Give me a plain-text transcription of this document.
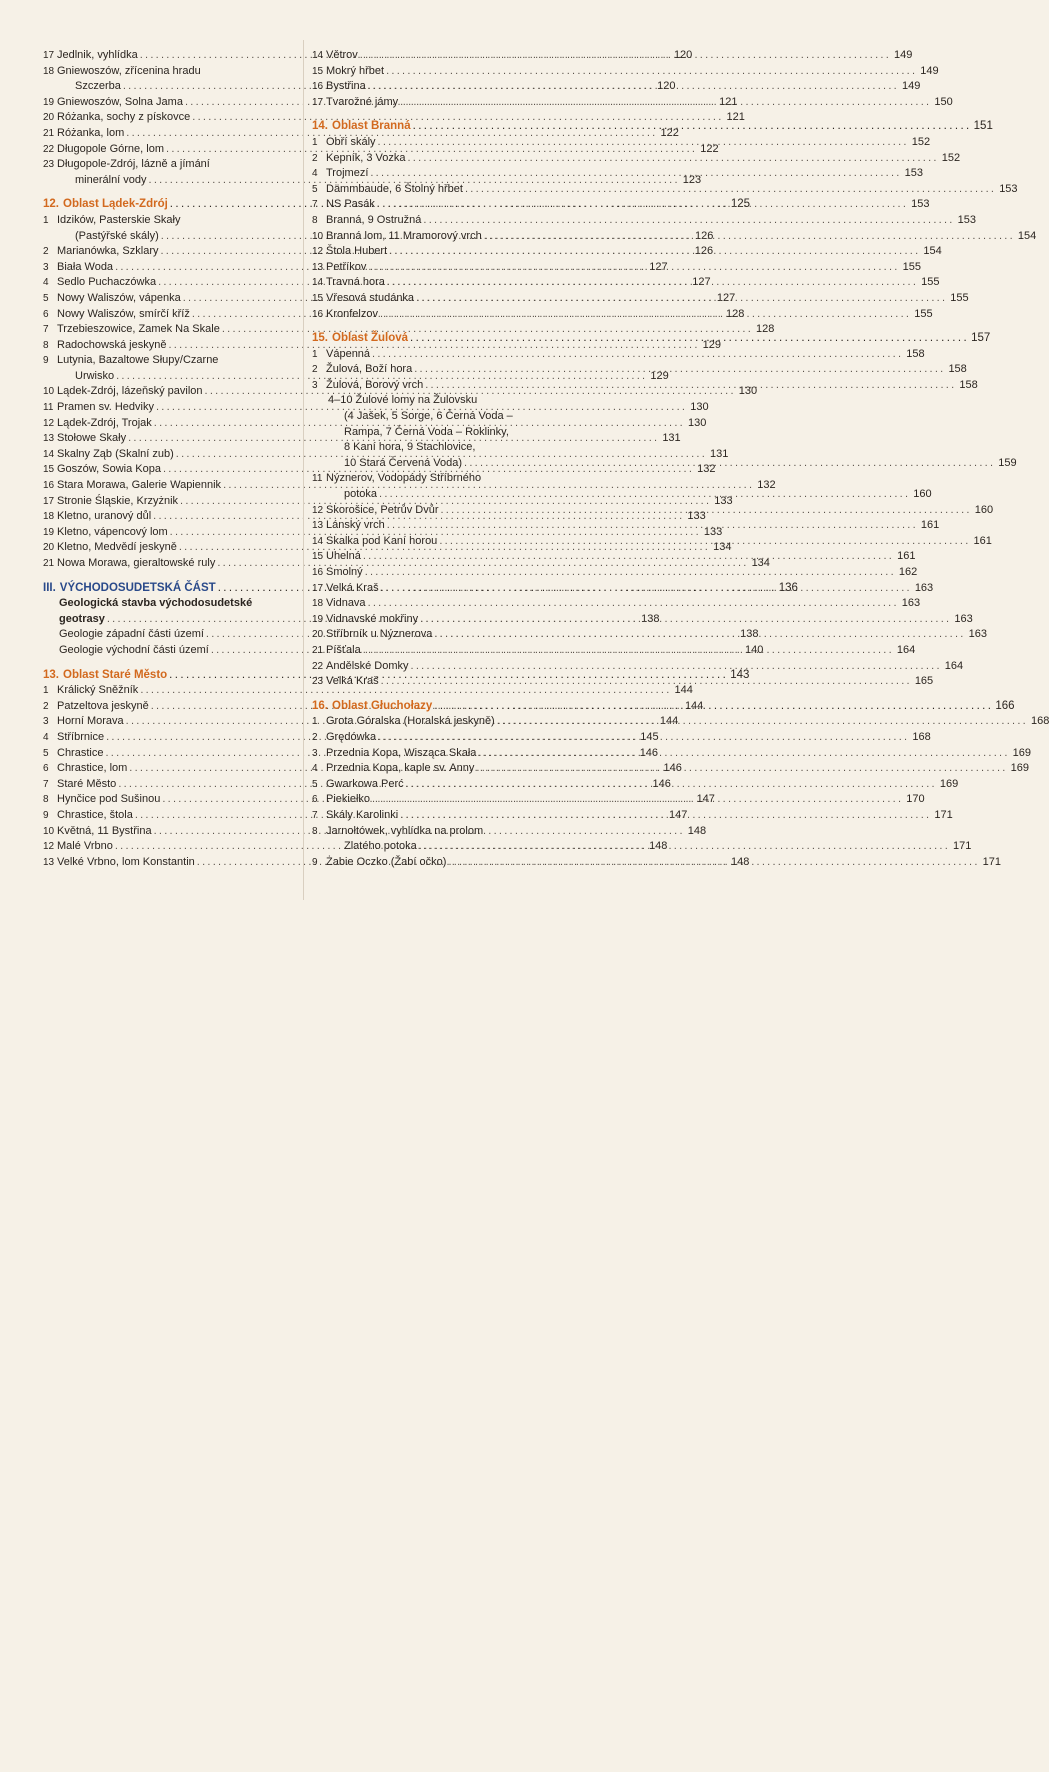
17 Jedlnik, vyhlídka . . .	120
18 Gniewoszów, zřícenina hradu
Szczerba . . .	120
19 Gniewoszów, Solna Jama . . .	121
20 Różanka, sochy z pískovce . . .	121
21 Różanka, lom . . .	122
22 Długopole Górne, lom . . .	122
23 Długopole-Zdrój, lázně a jímání
minerální vody . . .	123
12. Oblast Lądek-Zdrój . . .	125
1 Idzików, Pasterskie Skały
(Pastýřské skály) . . .	126
2 Marianówka, Szklary . . .	126
3 Biała Woda . . .	127
4 Sedlo Puchaczówka . . .	127
5 Nowy Waliszów, vápenka . . .	127
6 Nowy Waliszów, smírčí kříž . . .	128
7 Trzebieszowice, Zamek Na Skale . . .	128
8 Radochowská jeskyně . . .	129
9 Lutynia, Bazaltowe Słupy/Czarne
Urwisko . . .	129
10 Lądek-Zdrój, lázeňský pavilon . . .	130
11 Pramen sv. Hedviky . . .	130
12 Lądek-Zdrój, Trojak . . .	130
13 Stołowe Skały . . .	131
14 Skalny Ząb (Skalní zub) . . .	131
15 Goszów, Sowia Kopa . . .	132
16 Stara Morawa, Galerie Wapiennik . . .	132
17 Stronie Śląskie, Krzyżnik . . .	133
18 Kletno, uranový důl . . .	133
19 Kletno, vápencový lom . . .	133
20 Kletno, Medvědí jeskyně . . .	134
21 Nowa Morawa, gieraltowské ruly . . .	134
III. VÝCHODOSUDETSKÁ ČÁST . . .	136
Geologická stavba východosudetské
geotrasy . . .	138
Geologie západní části území . . .	138
Geologie východní části území . . .	140
13. Oblast Staré Město . . .	143
1 Králický Sněžník . . .	144
2 Patzeltova jeskyně . . .	144
3 Horní Morava . . .	144
4 Stříbrnice . . .	145
5 Chrastice . . .	146
6 Chrastice, lom . . .	146
7 Staré Město . . .	146
8 Hynčice pod Sušinou . . .	147
9 Chrastice, štola . . .	147
10 Květná, 11 Bystřina . . .	148
12 Malé Vrbno . . .	148
13 Velké Vrbno, lom Konstantin . . .	148
14 Větrov . . .	149
15 Mokrý hřbet . . .	149
16 Bystřina . . .	149
17 Tvarožné jámy . . .	150
14. Oblast Branná . . .	151
1 Obří skály . . .	152
2 Kepník, 3 Vozka . . .	152
4 Trojmezí . . .	153
5 Dämmbaude, 6 Štolný hřbet . . .	153
7 NS Pasák . . .	153
8 Branná, 9 Ostružná . . .	153
10 Branná lom, 11 Mramorový vrch . . .	154
12 Štola Hubert . . .	154
13 Petříkov . . .	155
14 Travná hora . . .	155
15 Vřesová studánka . . .	155
16 Kronfelzov . . .	155
15. Oblast Žulová . . .	157
1 Vápenná . . .	158
2 Žulová, Boží hora . . .	158
3 Žulová, Borový vrch . . .	158
4–10 Žulové lomy na Žulovsku
(4 Jašek, 5 Sorge, 6 Černá Voda –
Rampa, 7 Černá Voda – Roklinky,
8 Kaní hora, 9 Stachlovice,
10 Stará Červená Voda) . . .	159
11 Nýznerov, Vodopády Stříbrného
potoka . . .	160
12 Skorošice, Petrův Dvůr . . .	160
13 Lánský vrch . . .	161
14 Skalka pod Kaní horou . . .	161
15 Uhelná . . .	161
16 Smolný . . .	162
17 Velká Kraš . . .	163
18 Vidnava . . .	163
19 Vidnavské mokřiny . . .	163
20 Stříbrník u Nýznerova . . .	163
21 Píšťala . . .	164
22 Andělské Domky . . .	164
23 Velká Kraš . . .	165
16. Oblast Głuchołazy . . .	166
1 Grota Góralska (Horalská jeskyně) . . .	168
2 Grędówka . . .	168
3 Przednia Kopa, Wisząca Skała . . .	169
4 Przednia Kopa, kaple sv. Anny . . .	169
5 Gwarkowa Perć . . .	169
6 Piekiełko . . .	170
7 Skály Karolinki . . .	171
8 Jarnołtówek, vyhlídka na prolom
Zlatého potoka . . .	171
9 Żabie Oczko (Žabí očko) . . .	171
